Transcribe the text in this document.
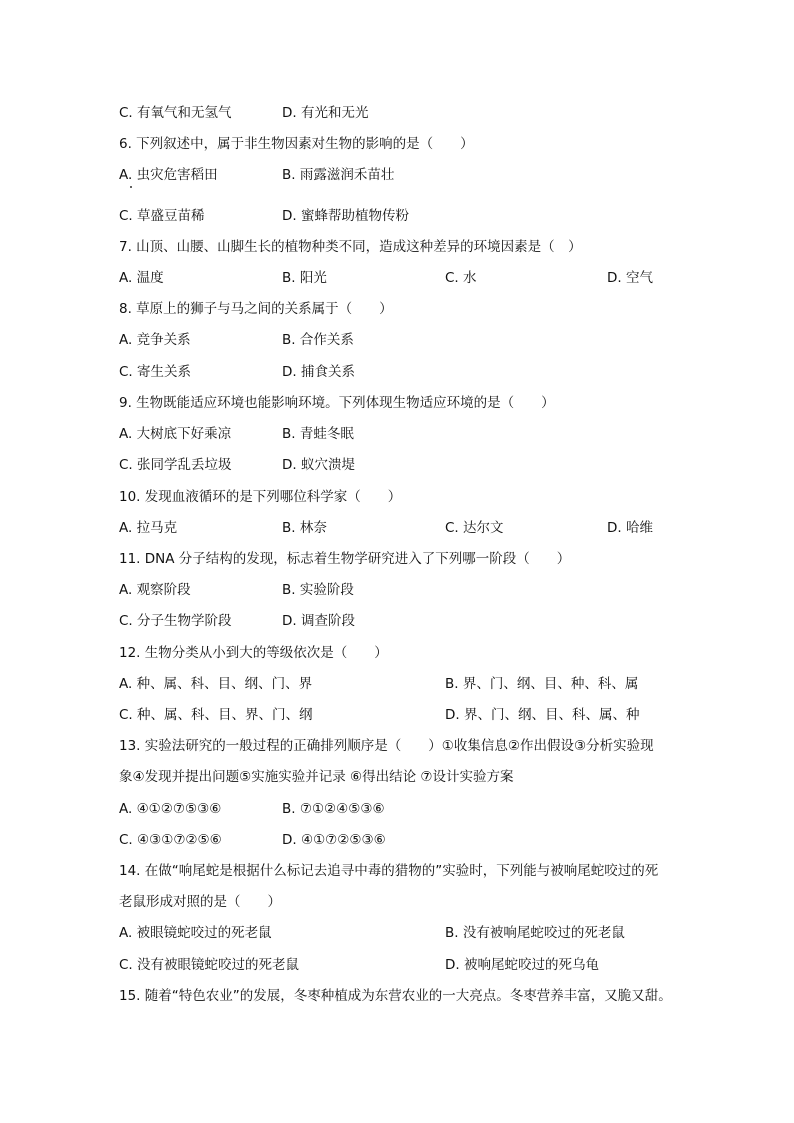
C. 有氧气和无氢气	D. 有光和无光
6. 下列叙述中，属于非生物因素对生物的影响的是（　　）
A. 虫灾危害稻田	B. 雨露滋润禾苗壮
C. 草盛豆苗稀	D. 蜜蜂帮助植物传粉
7. 山顶、山腰、山脚生长的植物种类不同，造成这种差异的环境因素是（　）
A. 温度	B. 阳光	C. 水	D. 空气
8. 草原上的狮子与马之间的关系属于（　　）
A. 竞争关系	B. 合作关系
C. 寄生关系	D. 捕食关系
9. 生物既能适应环境也能影响环境。下列体现生物适应环境的是（　　）
A. 大树底下好乘凉	B. 青蛙冬眠
C. 张同学乱丢垃圾	D. 蚁穴溃堤
10. 发现血液循环的是下列哪位科学家（　　）
A. 拉马克	B. 林奈	C. 达尔文	D. 哈维
11. DNA 分子结构的发现，标志着生物学研究进入了下列哪一阶段（　　）
A. 观察阶段	B. 实验阶段
C. 分子生物学阶段	D. 调查阶段
12. 生物分类从小到大的等级依次是（　　）
A. 种、属、科、目、纲、门、界	B. 界、门、纲、目、种、科、属
C. 种、属、科、目、界、门、纲	D. 界、门、纲、目、科、属、种
13. 实验法研究的一般过程的正确排列顺序是（　　）①收集信息②作出假设③分析实验现
象④发现并提出问题⑤实施实验并记录 ⑥得出结论 ⑦设计实验方案
A. ④①②⑦⑤③⑥	B. ⑦①②④⑤③⑥
C. ④③①⑦②⑤⑥	D. ④①⑦②⑤③⑥
14. 在做“响尾蛇是根据什么标记去追寻中毒的猎物的”实验时，下列能与被响尾蛇咬过的死
老鼠形成对照的是（　　）
A. 被眼镜蛇咬过的死老鼠	B. 没有被响尾蛇咬过的死老鼠
C. 没有被眼镜蛇咬过的死老鼠	D. 被响尾蛇咬过的死乌龟
15. 随着“特色农业”的发展，冬枣种植成为东营农业的一大亮点。冬枣营养丰富，又脆又甜。
